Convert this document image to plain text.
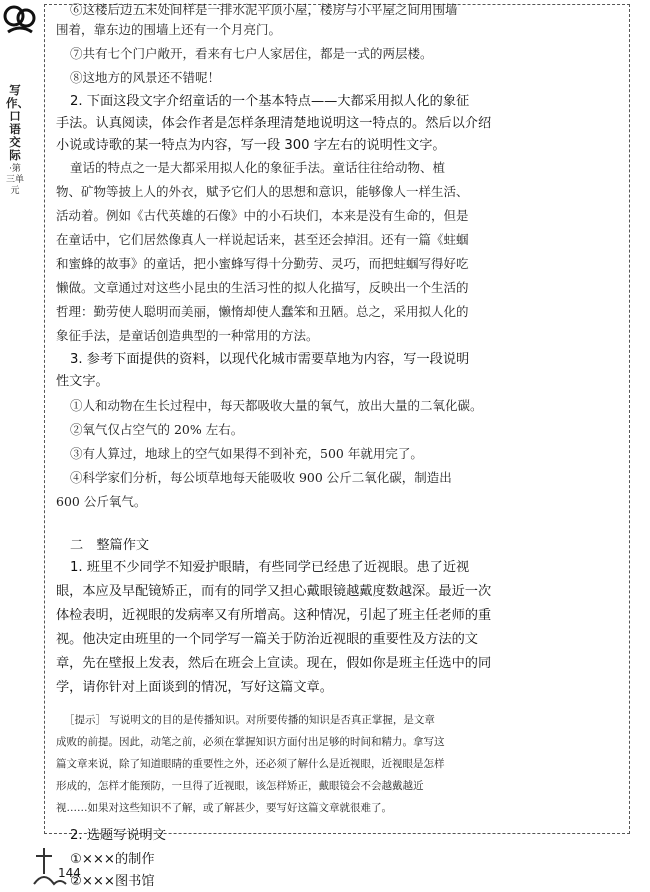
写作、口语交际
·第三单元
⑥这楼后边五末处间样是一排水泥平顶小屋，楼房与小平屋之间用围墙
围着，靠东边的围墙上还有一个月亮门。
⑦共有七个门户敞开，看来有七户人家居住，都是一式的两层楼。
⑧这地方的风景还不错呢！
2. 下面这段文字介绍童话的一个基本特点——大都采用拟人化的象征
手法。认真阅读，体会作者是怎样条理清楚地说明这一特点的。然后以介绍
小说或诗歌的某一特点为内容，写一段 300 字左右的说明性文字。
童话的特点之一是大都采用拟人化的象征手法。童话往往给动物、植
物、矿物等披上人的外衣，赋予它们人的思想和意识，能够像人一样生活、
活动着。例如《古代英雄的石像》中的小石块们，本来是没有生命的，但是
在童话中，它们居然像真人一样说起话来，甚至还会掉泪。还有一篇《蛀蝈
和蜜蜂的故事》的童话，把小蜜蜂写得十分勤劳、灵巧，而把蛀蝈写得好吃
懒做。文章通过对这些小昆虫的生活习性的拟人化描写，反映出一个生活的
哲理：勤劳使人聪明而美丽，懒惰却使人蠢笨和丑陋。总之，采用拟人化的
象征手法，是童话创造典型的一种常用的方法。
3. 参考下面提供的资料，以现代化城市需要草地为内容，写一段说明
性文字。
①人和动物在生长过程中，每天都吸收大量的氧气，放出大量的二氧化碳。
②氧气仅占空气的 20% 左右。
③有人算过，地球上的空气如果得不到补充，500 年就用完了。
④科学家们分析，每公顷草地每天能吸收 900 公斤二氧化碳，制造出
600 公斤氧气。
二　整篇作文
1. 班里不少同学不知爱护眼睛，有些同学已经患了近视眼。患了近视
眼，本应及早配镜矫正，而有的同学又担心戴眼镜越戴度数越深。最近一次
体检表明，近视眼的发病率又有所增高。这种情况，引起了班主任老师的重
视。他决定由班里的一个同学写一篇关于防治近视眼的重要性及方法的文
章，先在壁报上发表，然后在班会上宣读。现在，假如你是班主任选中的同
学，请你针对上面谈到的情况，写好这篇文章。
［提示］ 写说明文的目的是传播知识。对所要传播的知识是否真正掌握，是文章
成败的前提。因此，动笔之前，必须在掌握知识方面付出足够的时间和精力。拿写这
篇文章来说，除了知道眼睛的重要性之外，还必须了解什么是近视眼，近视眼是怎样
形成的，怎样才能预防，一旦得了近视眼，该怎样矫正，戴眼镜会不会越戴越近
视……如果对这些知识不了解，或了解甚少，要写好这篇文章就很难了。
2. 选题写说明文
①×××的制作
②×××图书馆
144
